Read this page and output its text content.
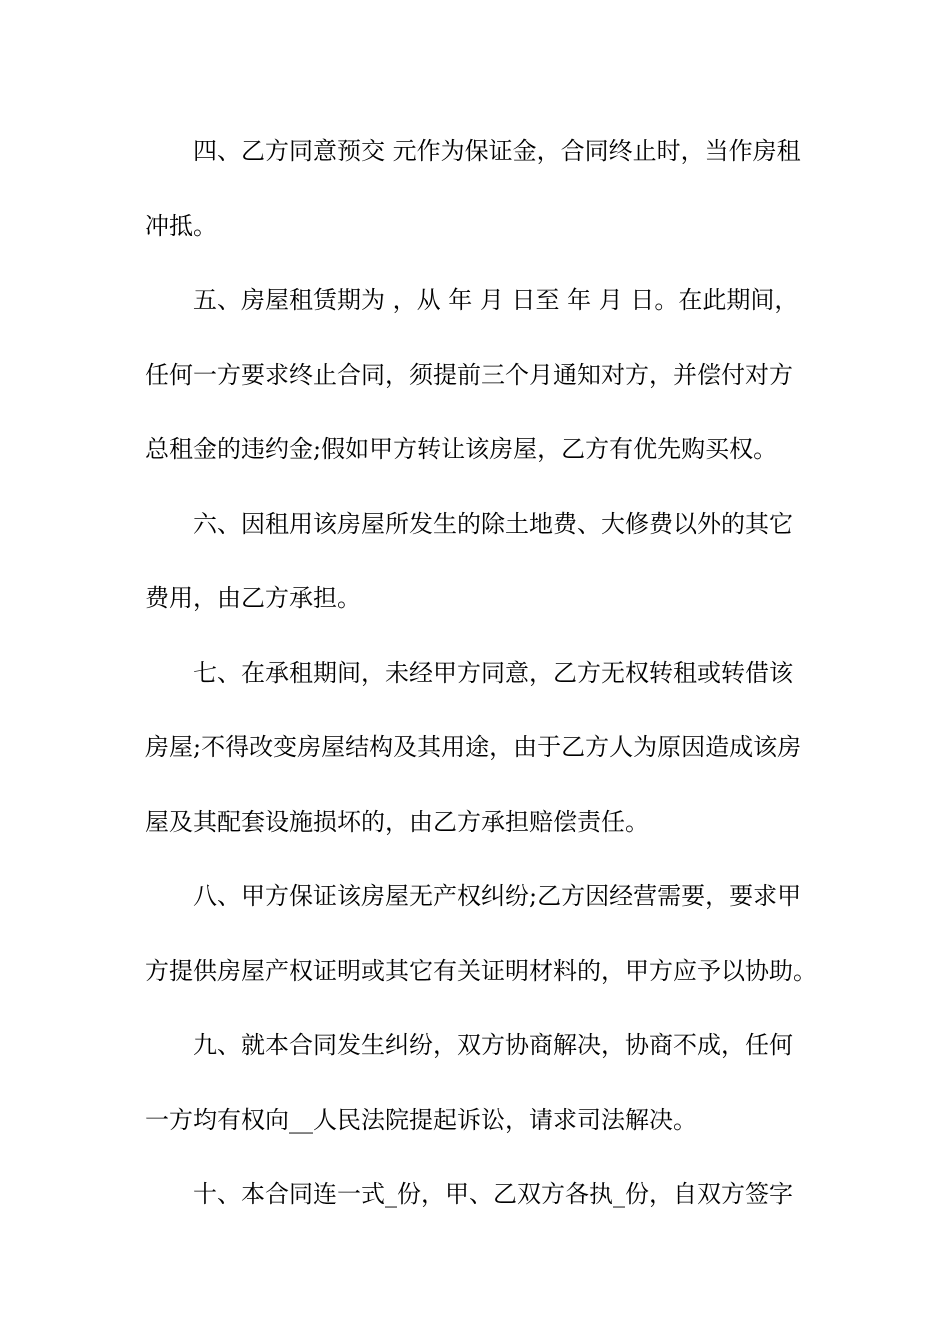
四、乙方同意预交 元作为保证金，合同终止时，当作房租
冲抵。
五、房屋租赁期为 ，从 年 月 日至 年 月 日。在此期间，
任何一方要求终止合同，须提前三个月通知对方，并偿付对方
总租金的违约金;假如甲方转让该房屋，乙方有优先购买权。
六、因租用该房屋所发生的除土地费、大修费以外的其它
费用，由乙方承担。
七、在承租期间，未经甲方同意，乙方无权转租或转借该
房屋;不得改变房屋结构及其用途，由于乙方人为原因造成该房
屋及其配套设施损坏的，由乙方承担赔偿责任。
八、甲方保证该房屋无产权纠纷;乙方因经营需要，要求甲
方提供房屋产权证明或其它有关证明材料的，甲方应予以协助。
九、就本合同发生纠纷，双方协商解决，协商不成，任何
一方均有权向__人民法院提起诉讼，请求司法解决。
十、本合同连一式_份，甲、乙双方各执_份，自双方签字
